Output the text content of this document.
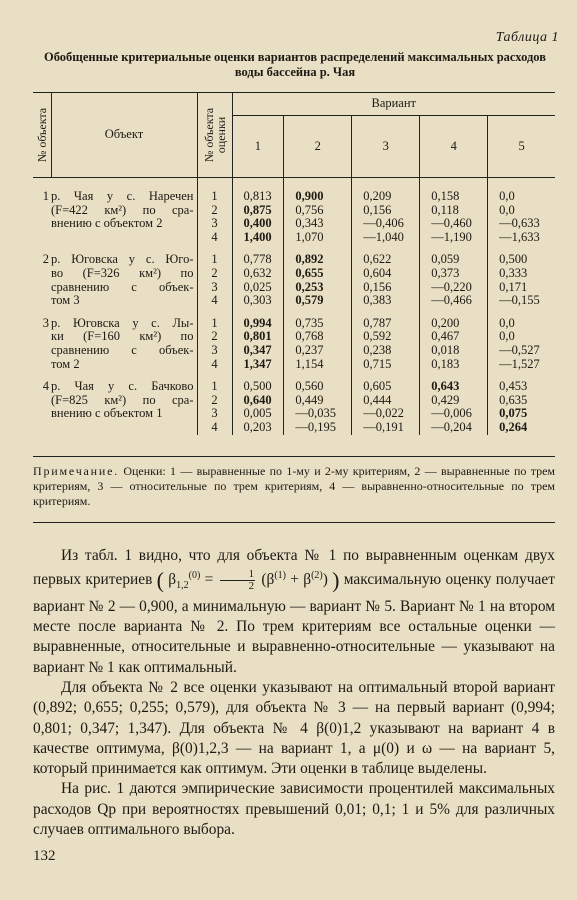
Таблица 1
Обобщенные критериальные оценки вариантов распределений максимальных расходов воды бассейна р. Чая
№ объекта	Объект	№ объекта оценки	Вариант				
			1	2	3	4	5
1	р. Чая у с. Наречен
(F=422 км²) по сра-
внению с объектом 2	1	0,813	0,900	0,209	0,158	0,0
		2	0,875	0,756	0,156	0,118	0,0
		3	0,400	0,343	—0,406	—0,460	—0,633
		4	1,400	1,070	—1,040	—1,190	—1,633
2	р. Юговска у с. Юго-
во (F=326 км²) по
сравнению с объек-
том 3	1	0,778	0,892	0,622	0,059	0,500
		2	0,632	0,655	0,604	0,373	0,333
		3	0,025	0,253	0,156	—0,220	0,171
		4	0,303	0,579	0,383	—0,466	—0,155
3	р. Юговска у с. Лы-
ки (F=160 км²) по
сравнению с объек-
том 2	1	0,994	0,735	0,787	0,200	0,0
		2	0,801	0,768	0,592	0,467	0,0
		3	0,347	0,237	0,238	0,018	—0,527
		4	1,347	1,154	0,715	0,183	—1,527
4	р. Чая у с. Бачково
(F=825 км²) по сра-
внению с объектом 1	1	0,500	0,560	0,605	0,643	0,453
		2	0,640	0,449	0,444	0,429	0,635
		3	0,005	—0,035	—0,022	—0,006	0,075
		4	0,203	—0,195	—0,191	—0,204	0,264
Примечание. Оценки: 1 — выравненные по 1-му и 2-му критериям, 2 — выравненные по трем критериям, 3 — относительные по трем критериям, 4 — выравненно-относительные по трем критериям.

Из табл. 1 видно, что для объекта № 1 по выравненным оценкам двух первых критериев ( $\beta_{1,2}^{(0)} = \frac{1}{2} (\beta^{(1)} + \beta^{(2)})$ ) максимальную оценку получает вариант № 2 — 0,900, а минимальную — вариант № 5. Вариант № 1 на втором месте после варианта № 2. По трем критериям все остальные оценки — выравненные, относительные и выравненно-относительные — указывают на вариант № 1 как оптимальный.

Для объекта № 2 все оценки указывают на оптимальный второй вариант (0,892; 0,655; 0,255; 0,579), для объекта № 3 — на первый вариант (0,994; 0,801; 0,347; 1,347). Для объекта № 4 β(0)1,2 указывают на вариант 4 в качестве оптимума, β(0)1,2,3 — на вариант 1, а μ(0) и ω — на вариант 5, который принимается как оптимум. Эти оценки в таблице выделены.

На рис. 1 даются эмпирические зависимости процентилей максимальных расходов Qр при вероятностях превышений 0,01; 0,1; 1 и 5% для различных случаев оптимального выбора.

132
